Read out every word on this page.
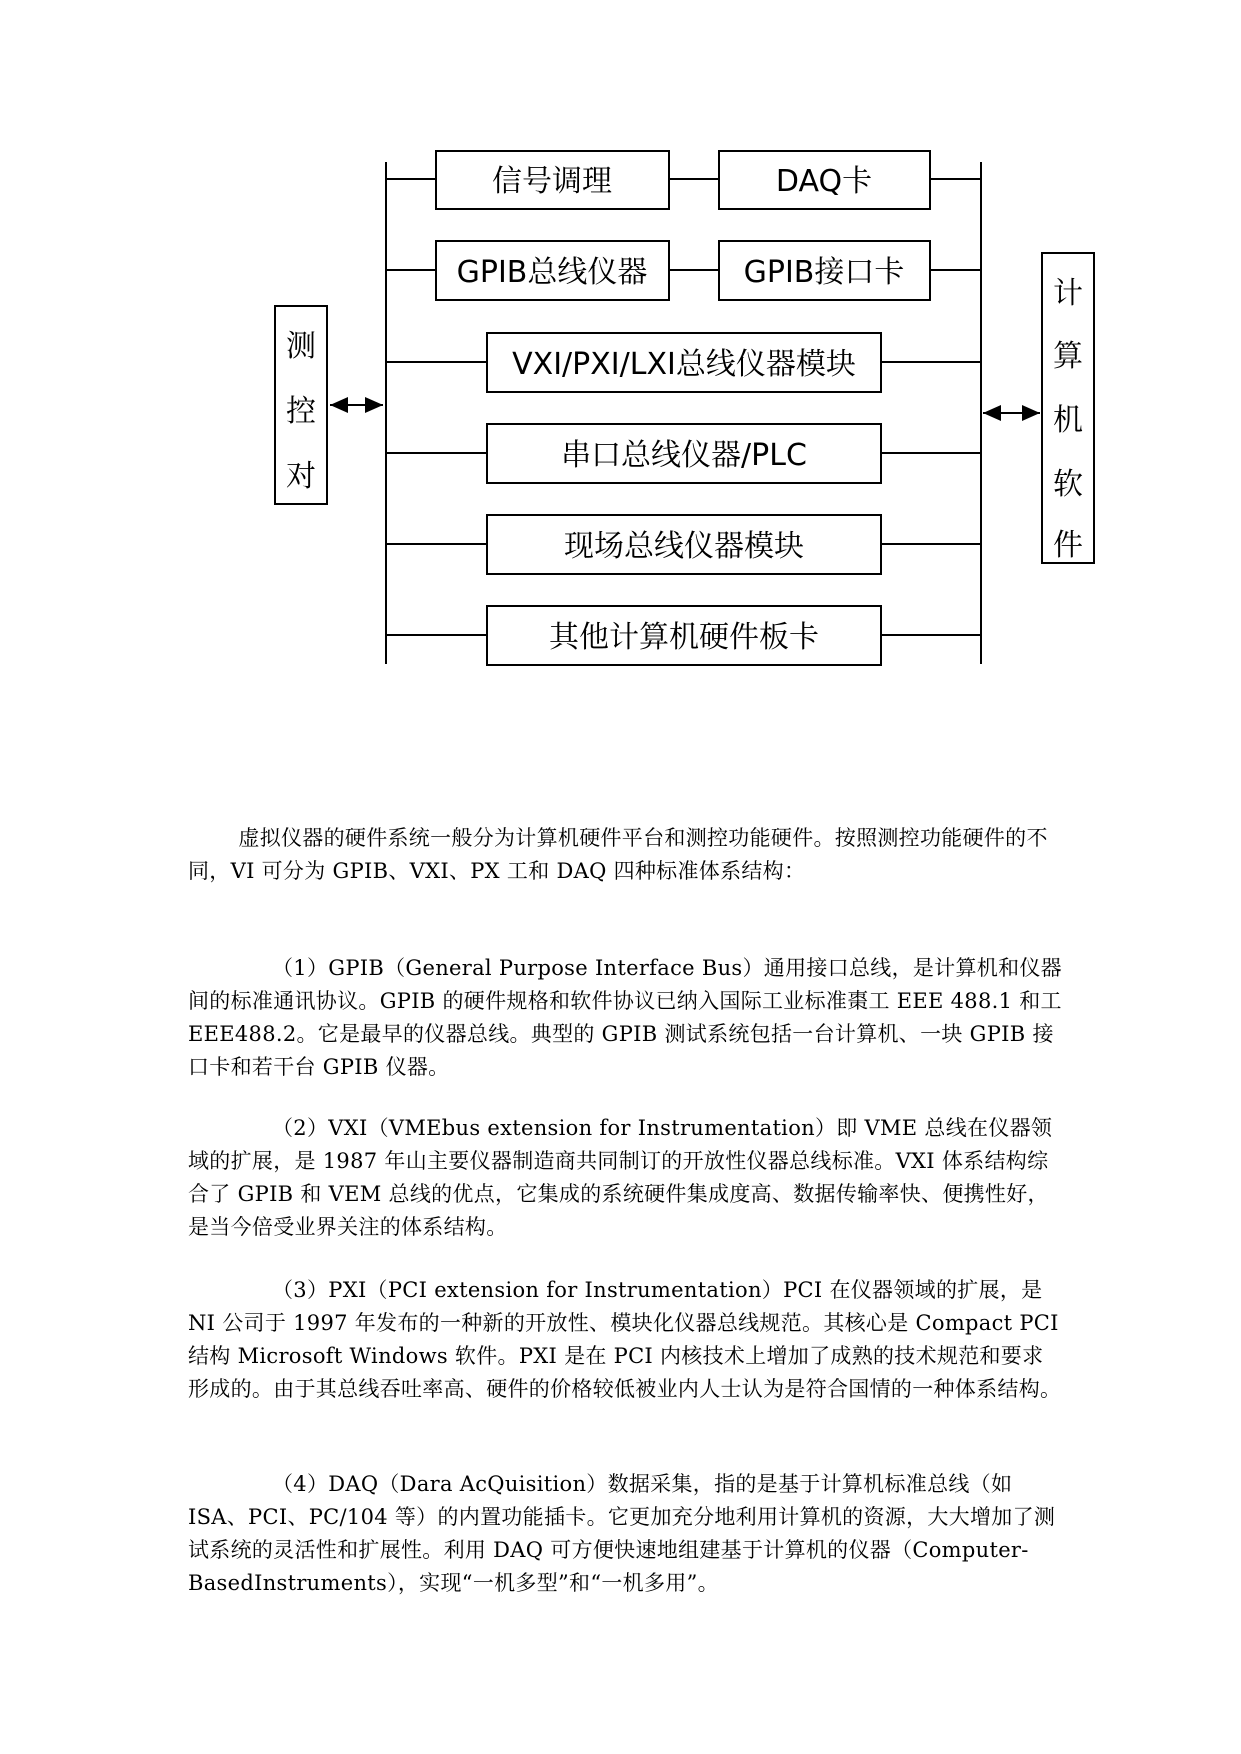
测
控
对
计
算
机
软
件
信号调理	DAQ卡
GPIB总线仪器	GPIB接口卡
VXI/PXI/LXI总线仪器模块
串口总线仪器/PLC
现场总线仪器模块
其他计算机硬件板卡

虚拟仪器的硬件系统一般分为计算机硬件平台和测控功能硬件。按照测控功能硬件的不同，VI 可分为 GPIB、VXI、PX 工和 DAQ 四种标准体系结构：

（1）GPIB（General Purpose Interface Bus）通用接口总线，是计算机和仪器间的标准通讯协议。GPIB 的硬件规格和软件协议已纳入国际工业标准棗工 EEE 488.1 和工 EEE488.2。它是最早的仪器总线。典型的 GPIB 测试系统包括一台计算机、一块 GPIB 接口卡和若干台 GPIB 仪器。

（2）VXI（VMEbus extension for Instrumentation）即 VME 总线在仪器领域的扩展，是 1987 年山主要仪器制造商共同制订的开放性仪器总线标准。VXI 体系结构综合了 GPIB 和 VEM 总线的优点，它集成的系统硬件集成度高、数据传输率快、便携性好，是当今倍受业界关注的体系结构。

（3）PXI（PCI extension for Instrumentation）PCI 在仪器领域的扩展，是 NI 公司于 1997 年发布的一种新的开放性、模块化仪器总线规范。其核心是 Compact PCI 结构 Microsoft Windows 软件。PXI 是在 PCI 内核技术上增加了成熟的技术规范和要求形成的。由于其总线吞吐率高、硬件的价格较低被业内人士认为是符合国情的一种体系结构。

（4）DAQ（Dara AcQuisition）数据采集，指的是基于计算机标准总线（如 ISA、PCI、PC/104 等）的内置功能插卡。它更加充分地利用计算机的资源，大大增加了测试系统的灵活性和扩展性。利用 DAQ 可方便快速地组建基于计算机的仪器（Computer-BasedInstruments），实现“一机多型”和“一机多用”。
